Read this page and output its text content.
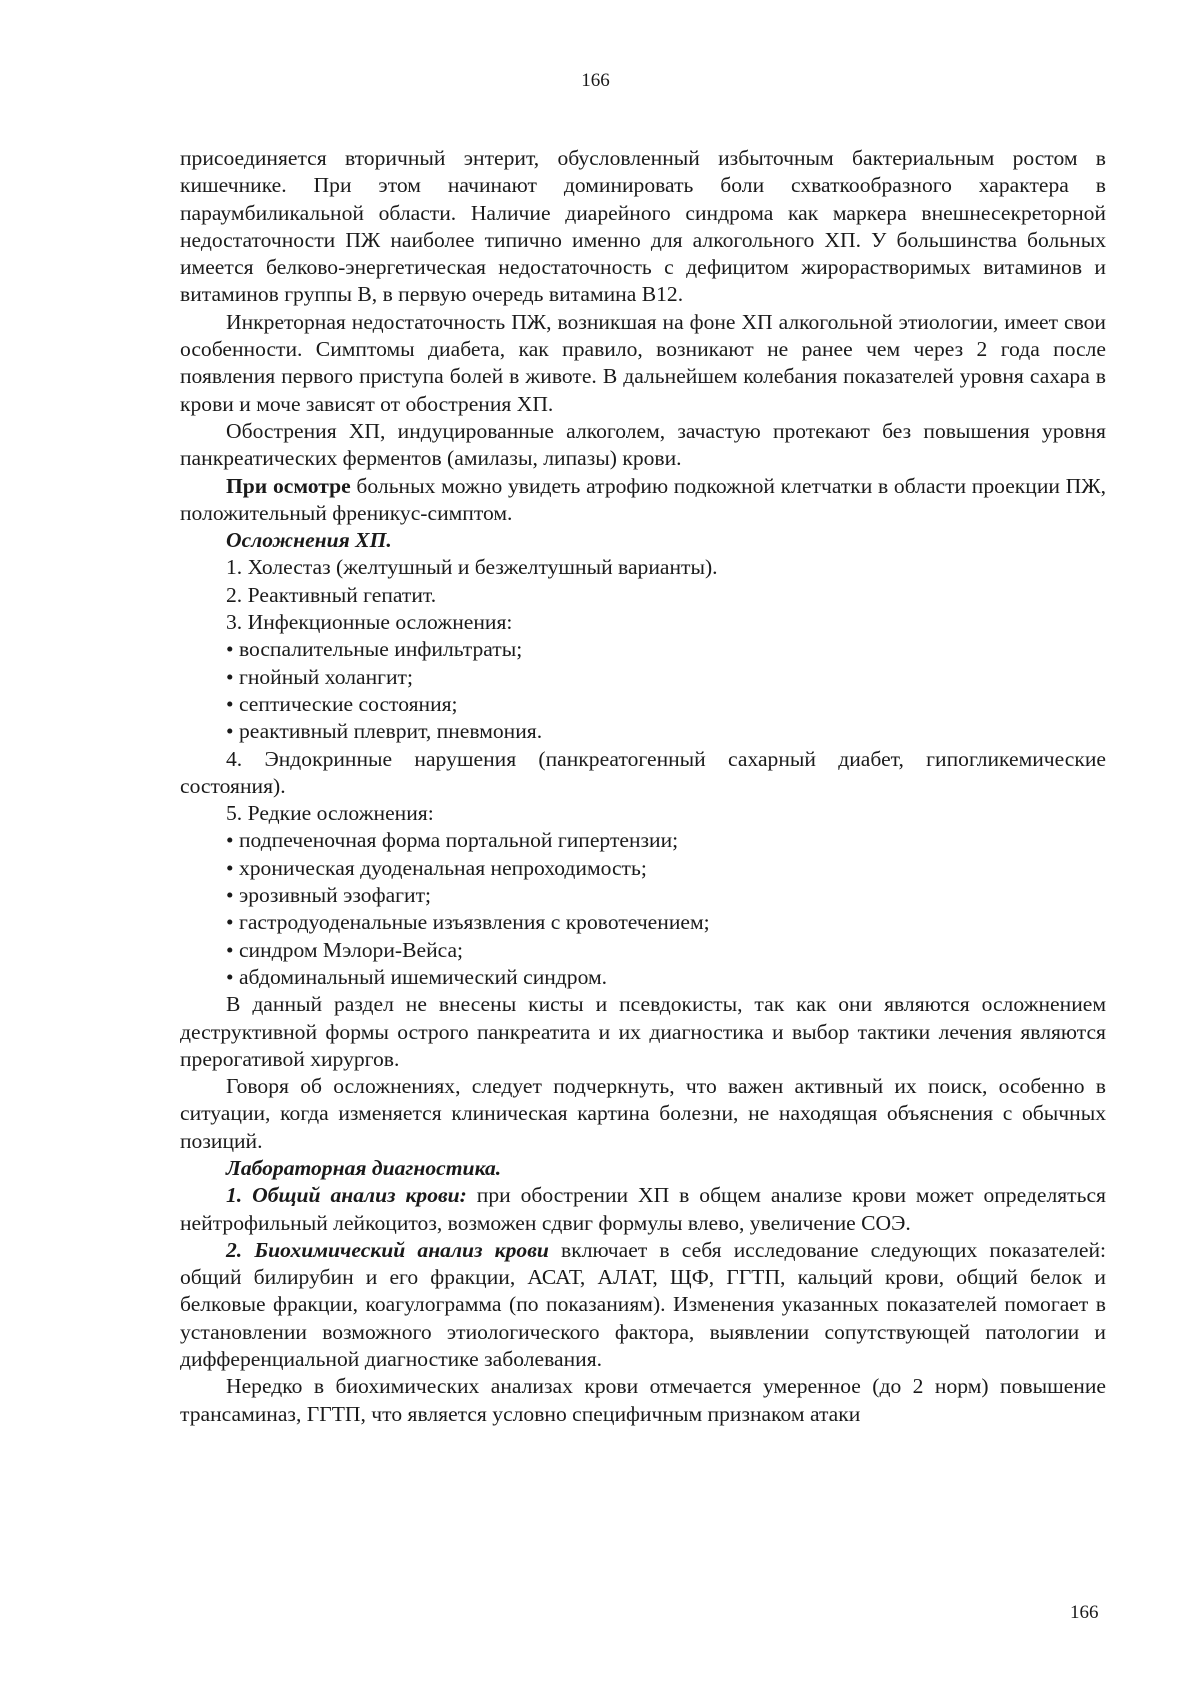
166

присоединяется вторичный энтерит, обусловленный избыточным бактериальным ростом в кишечнике. При этом начинают доминировать боли схваткообразного характера в параумбиликальной области. Наличие диарейного синдрома как маркера внешнесекреторной недостаточности ПЖ наиболее типично именно для алкогольного ХП. У большинства больных имеется белково-энергетическая недостаточность с дефицитом жирорастворимых витаминов и витаминов группы В, в первую очередь витамина B12.

Инкреторная недостаточность ПЖ, возникшая на фоне ХП алкогольной этиологии, имеет свои особенности. Симптомы диабета, как правило, возникают не ранее чем через 2 года после появления первого приступа болей в животе. В дальнейшем колебания показателей уровня сахара в крови и моче зависят от обострения ХП.

Обострения ХП, индуцированные алкоголем, зачастую протекают без повышения уровня панкреатических ферментов (амилазы, липазы) крови.

При осмотре больных можно увидеть атрофию подкожной клетчатки в области проекции ПЖ, положительный френикус-симптом.

Осложнения ХП.

1. Холестаз (желтушный и безжелтушный варианты).

2. Реактивный гепатит.

3. Инфекционные осложнения:

• воспалительные инфильтраты;

• гнойный холангит;

• септические состояния;

• реактивный плеврит, пневмония.

4. Эндокринные нарушения (панкреатогенный сахарный диабет, гипогликемические состояния).

5. Редкие осложнения:

• подпеченочная форма портальной гипертензии;

• хроническая дуоденальная непроходимость;

• эрозивный эзофагит;

• гастродуоденальные изъязвления с кровотечением;

• синдром Мэлори-Вейса;

• абдоминальный ишемический синдром.

В данный раздел не внесены кисты и псевдокисты, так как они являются осложнением деструктивной формы острого панкреатита и их диагностика и выбор тактики лечения являются прерогативой хирургов.

Говоря об осложнениях, следует подчеркнуть, что важен активный их поиск, особенно в ситуации, когда изменяется клиническая картина болезни, не находящая объяснения с обычных позиций.

Лабораторная диагностика.

1. Общий анализ крови: при обострении ХП в общем анализе крови может определяться нейтрофильный лейкоцитоз, возможен сдвиг формулы влево, увеличение СОЭ.

2. Биохимический анализ крови включает в себя исследование следующих показателей: общий билирубин и его фракции, АСАТ, АЛАТ, ЩФ, ГГТП, кальций крови, общий белок и белковые фракции, коагулограмма (по показаниям). Изменения указанных показателей помогает в установлении возможного этиологического фактора, выявлении сопутствующей патологии и дифференциальной диагностике заболевания.

Нередко в биохимических анализах крови отмечается умеренное (до 2 норм) повышение трансаминаз, ГГТП, что является условно специфичным признаком атаки

166
